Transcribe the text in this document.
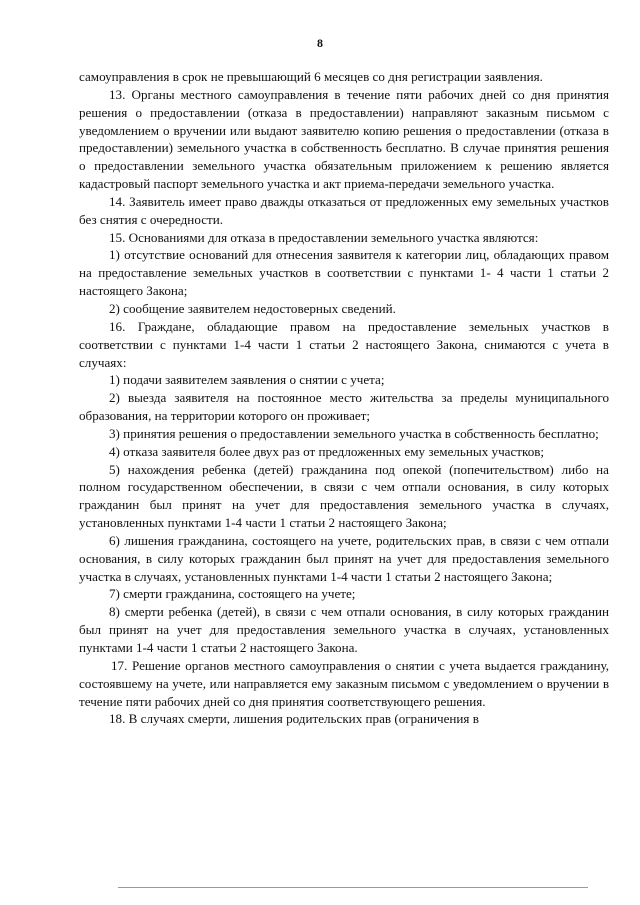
8

самоуправления в срок не превышающий 6 месяцев со дня регистрации заявления.

13. Органы местного самоуправления в течение пяти рабочих дней со дня принятия решения о предоставлении (отказа в предоставлении) направляют заказным письмом с уведомлением о вручении или выдают заявителю копию решения о предоставлении (отказа в предоставлении) земельного участка в собственность бесплатно. В случае принятия решения о предоставлении земельного участка обязательным приложением к решению является кадастровый паспорт земельного участка и акт приема-передачи земельного участка.

14. Заявитель имеет право дважды отказаться от предложенных ему земельных участков без снятия с очередности.

15. Основаниями для отказа в предоставлении земельного участка являются:

1) отсутствие оснований для отнесения заявителя к категории лиц, обладающих правом на предоставление земельных участков в соответствии с пунктами 1- 4 части 1 статьи 2 настоящего Закона;

2) сообщение заявителем недостоверных сведений.

16. Граждане, обладающие правом на предоставление земельных участков в соответствии с пунктами 1-4 части 1 статьи 2 настоящего Закона, снимаются с учета в случаях:

1) подачи заявителем заявления о снятии с учета;

2) выезда заявителя на постоянное место жительства за пределы муниципального образования, на территории которого он проживает;

3) принятия решения о предоставлении земельного участка в собственность бесплатно;

4) отказа заявителя более двух раз от предложенных ему земельных участков;

5) нахождения ребенка (детей) гражданина под опекой (попечительством) либо на полном государственном обеспечении, в связи с чем отпали основания, в силу которых гражданин был принят на учет для предоставления земельного участка в случаях, установленных пунктами 1-4 части 1 статьи 2 настоящего Закона;

6) лишения гражданина, состоящего на учете, родительских прав, в связи с чем отпали основания, в силу которых гражданин был принят на учет для предоставления земельного участка в случаях, установленных пунктами 1-4 части 1 статьи 2 настоящего Закона;

7) смерти гражданина, состоящего на учете;

8) смерти ребенка (детей), в связи с чем отпали основания, в силу которых гражданин был принят на учет для предоставления земельного участка в случаях, установленных пунктами 1-4 части 1 статьи 2 настоящего Закона.

17. Решение органов местного самоуправления о снятии с учета выдается гражданину, состоявшему на учете, или направляется ему заказным письмом с уведомлением о вручении в течение пяти рабочих дней со дня принятия соответствующего решения.

18. В случаях смерти, лишения родительских прав (ограничения в
